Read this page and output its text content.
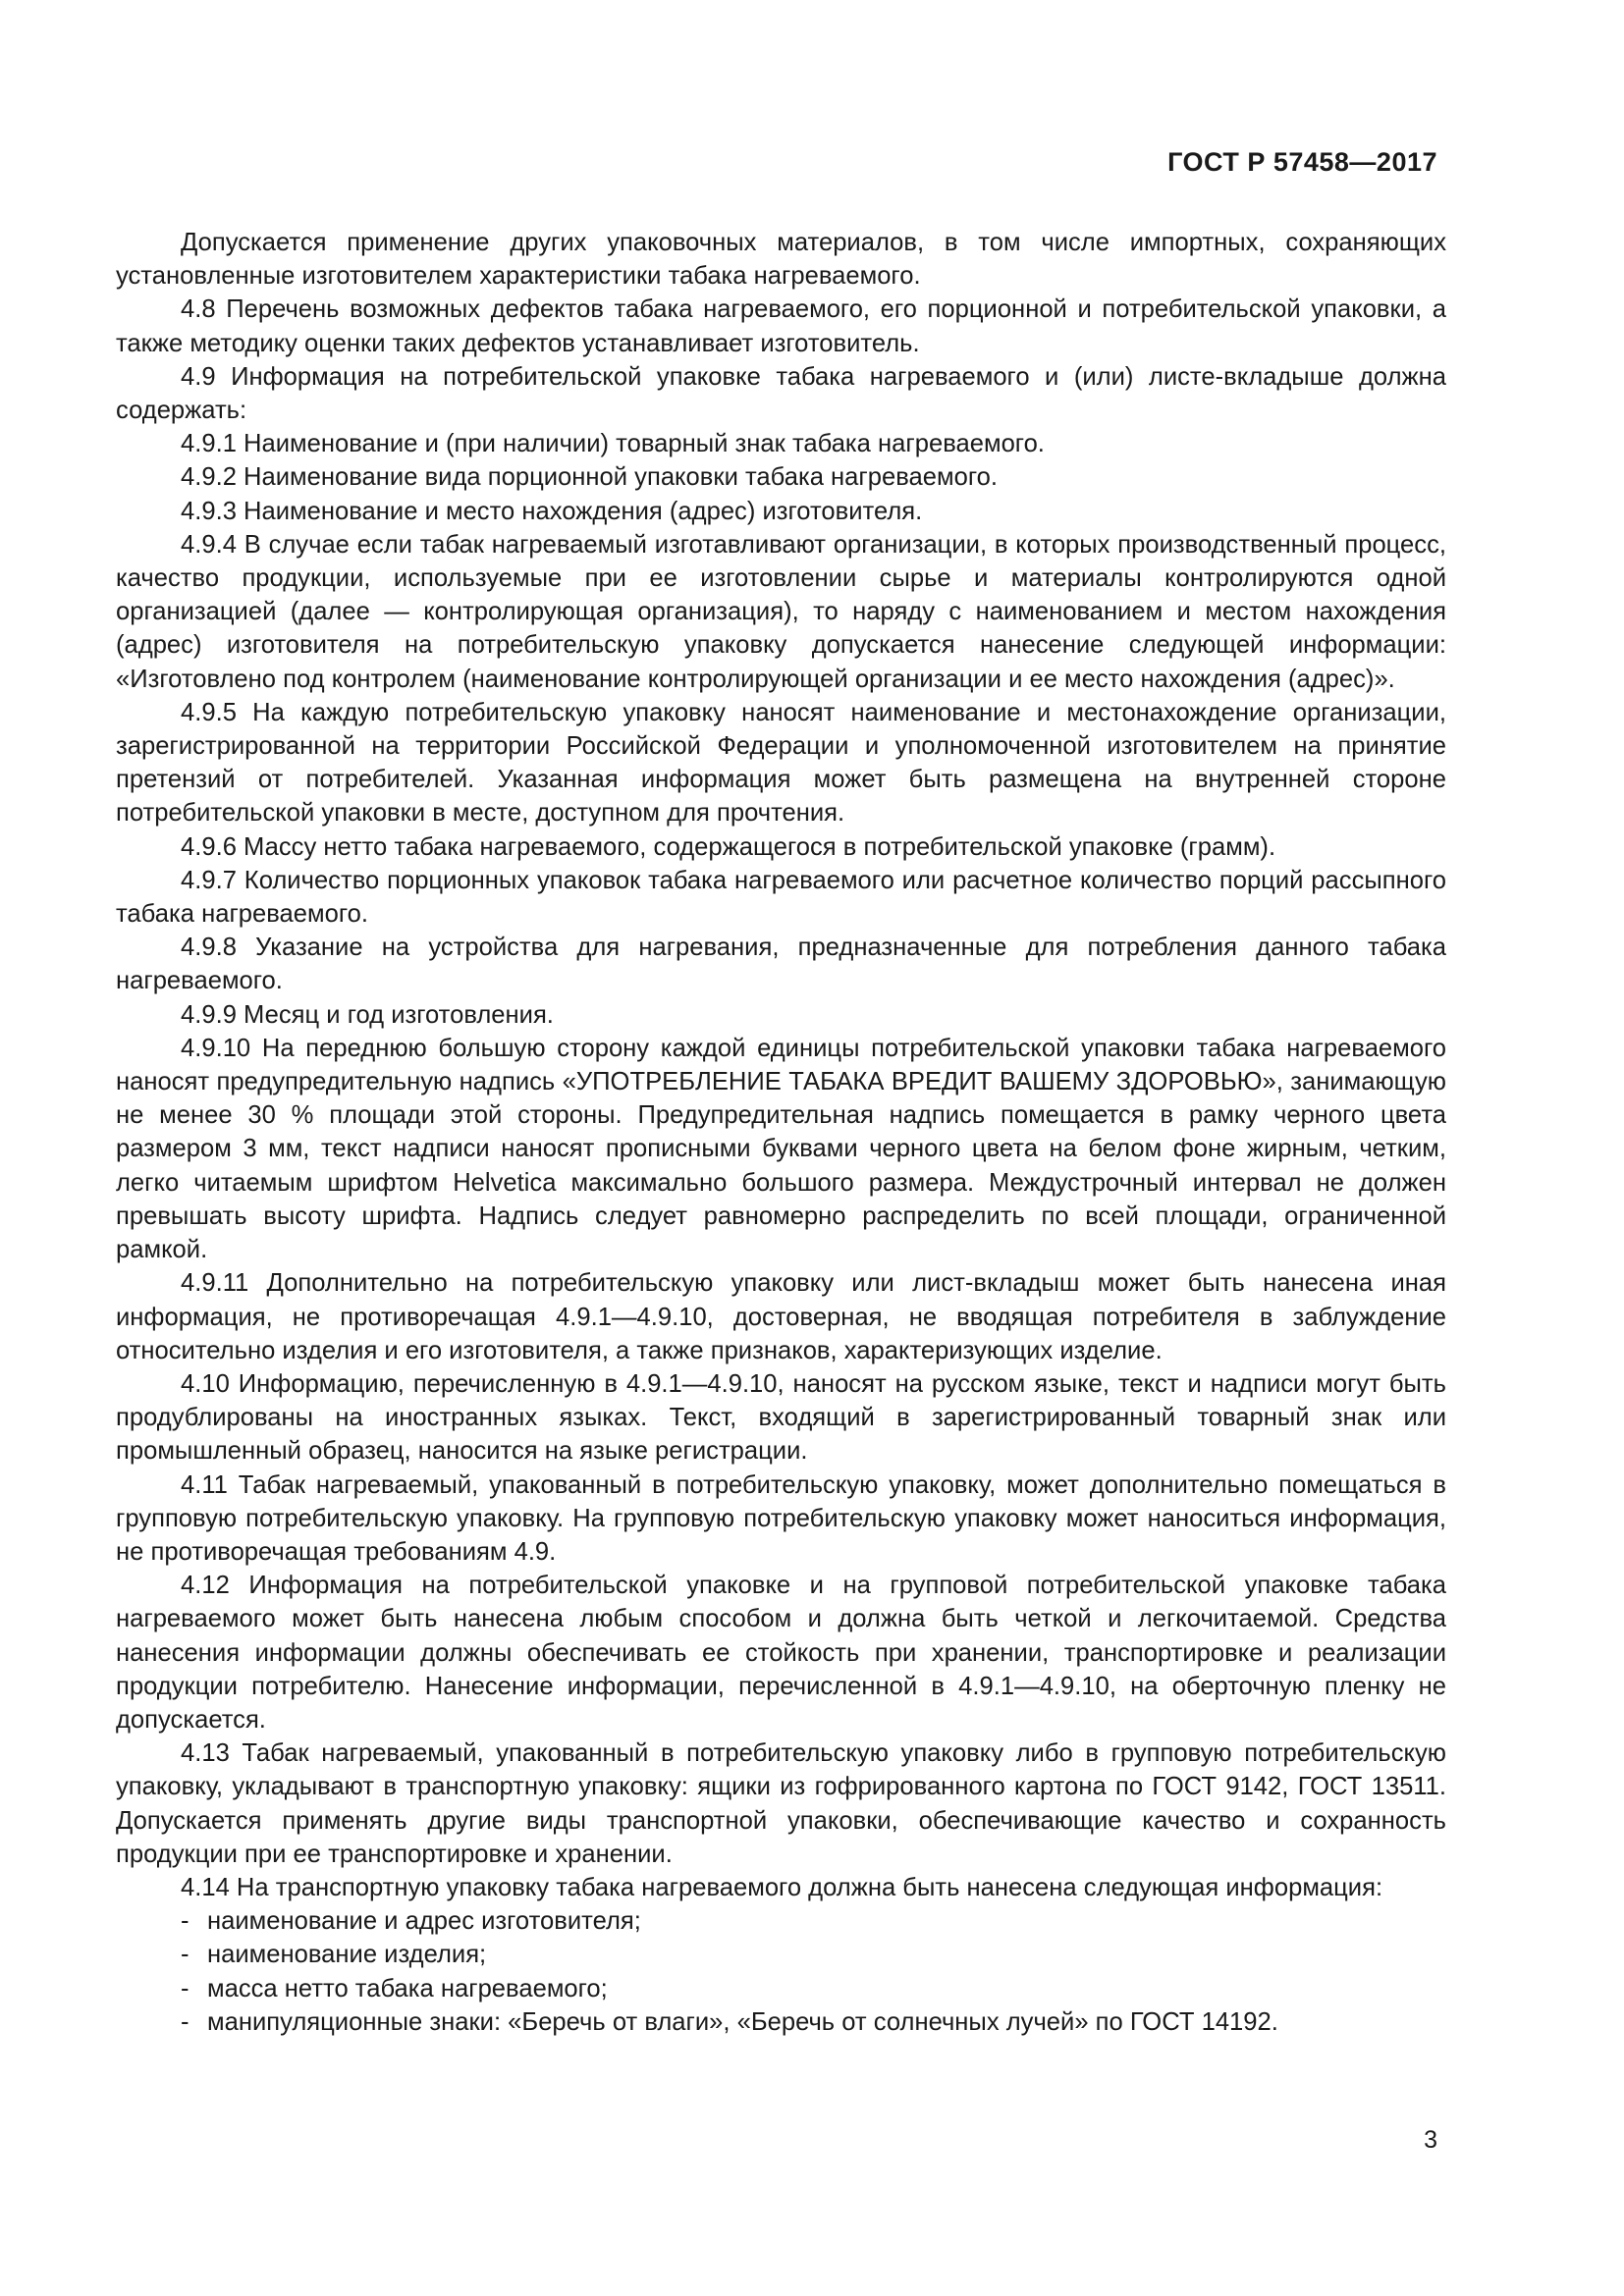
ГОСТ Р 57458—2017

Допускается применение других упаковочных материалов, в том числе импортных, сохраняющих установленные изготовителем характеристики табака нагреваемого.

4.8 Перечень возможных дефектов табака нагреваемого, его порционной и потребительской упаковки, а также методику оценки таких дефектов устанавливает изготовитель.

4.9 Информация на потребительской упаковке табака нагреваемого и (или) листе-вкладыше должна содержать:

4.9.1 Наименование и (при наличии) товарный знак табака нагреваемого.

4.9.2 Наименование вида порционной упаковки табака нагреваемого.

4.9.3 Наименование и место нахождения (адрес) изготовителя.

4.9.4 В случае если табак нагреваемый изготавливают организации, в которых производственный процесс, качество продукции, используемые при ее изготовлении сырье и материалы контролируются одной организацией (далее — контролирующая организация), то наряду с наименованием и местом нахождения (адрес) изготовителя на потребительскую упаковку допускается нанесение следующей информации: «Изготовлено под контролем (наименование контролирующей организации и ее место нахождения (адрес)».

4.9.5 На каждую потребительскую упаковку наносят наименование и местонахождение организации, зарегистрированной на территории Российской Федерации и уполномоченной изготовителем на принятие претензий от потребителей. Указанная информация может быть размещена на внутренней стороне потребительской упаковки в месте, доступном для прочтения.

4.9.6 Массу нетто табака нагреваемого, содержащегося в потребительской упаковке (грамм).

4.9.7 Количество порционных упаковок табака нагреваемого или расчетное количество порций рассыпного табака нагреваемого.

4.9.8 Указание на устройства для нагревания, предназначенные для потребления данного табака нагреваемого.

4.9.9 Месяц и год изготовления.

4.9.10 На переднюю большую сторону каждой единицы потребительской упаковки табака нагреваемого наносят предупредительную надпись «УПОТРЕБЛЕНИЕ ТАБАКА ВРЕДИТ ВАШЕМУ ЗДОРОВЬЮ», занимающую не менее 30 % площади этой стороны. Предупредительная надпись помещается в рамку черного цвета размером 3 мм, текст надписи наносят прописными буквами черного цвета на белом фоне жирным, четким, легко читаемым шрифтом Helvetica максимально большого размера. Междустрочный интервал не должен превышать высоту шрифта. Надпись следует равномерно распределить по всей площади, ограниченной рамкой.

4.9.11 Дополнительно на потребительскую упаковку или лист-вкладыш может быть нанесена иная информация, не противоречащая 4.9.1—4.9.10, достоверная, не вводящая потребителя в заблуждение относительно изделия и его изготовителя, а также признаков, характеризующих изделие.

4.10 Информацию, перечисленную в 4.9.1—4.9.10, наносят на русском языке, текст и надписи могут быть продублированы на иностранных языках. Текст, входящий в зарегистрированный товарный знак или промышленный образец, наносится на языке регистрации.

4.11 Табак нагреваемый, упакованный в потребительскую упаковку, может дополнительно помещаться в групповую потребительскую упаковку. На групповую потребительскую упаковку может наноситься информация, не противоречащая требованиям 4.9.

4.12 Информация на потребительской упаковке и на групповой потребительской упаковке табака нагреваемого может быть нанесена любым способом и должна быть четкой и легкочитаемой. Средства нанесения информации должны обеспечивать ее стойкость при хранении, транспортировке и реализации продукции потребителю. Нанесение информации, перечисленной в 4.9.1—4.9.10, на оберточную пленку не допускается.

4.13 Табак нагреваемый, упакованный в потребительскую упаковку либо в групповую потребительскую упаковку, укладывают в транспортную упаковку: ящики из гофрированного картона по ГОСТ 9142, ГОСТ 13511. Допускается применять другие виды транспортной упаковки, обеспечивающие качество и сохранность продукции при ее транспортировке и хранении.

4.14 На транспортную упаковку табака нагреваемого должна быть нанесена следующая информация:

- наименование и адрес изготовителя;
- наименование изделия;
- масса нетто табака нагреваемого;
- манипуляционные знаки: «Беречь от влаги», «Беречь от солнечных лучей» по ГОСТ 14192.
3
